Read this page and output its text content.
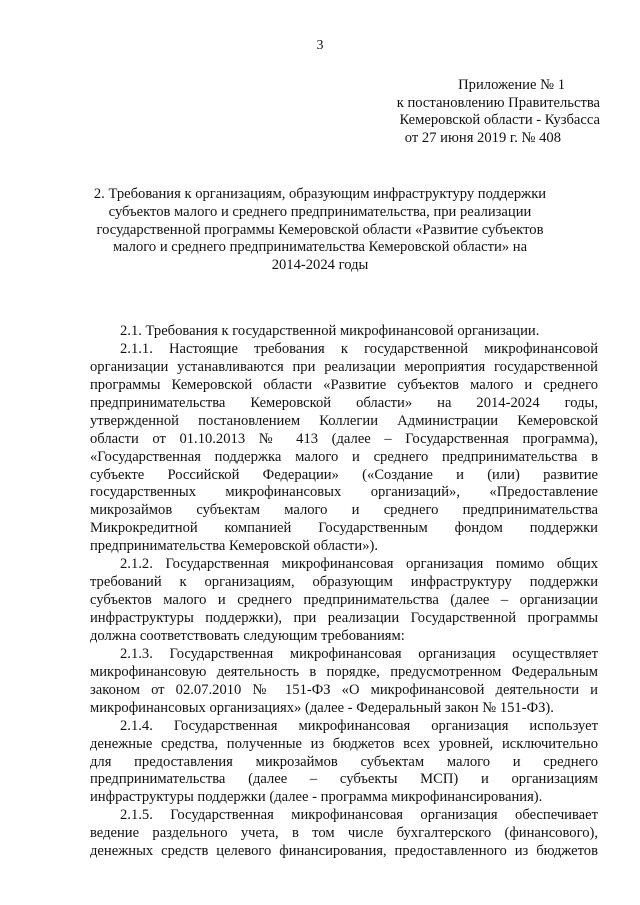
3
Приложение № 1
к постановлению Правительства
Кемеровской области - Кузбасса
от 27 июня 2019 г. № 408
2. Требования к организациям, образующим инфраструктуру поддержки
субъектов малого и среднего предпринимательства, при реализации
государственной программы Кемеровской области «Развитие субъектов
малого и среднего предпринимательства Кемеровской области» на
2014-2024 годы
2.1. Требования к государственной микрофинансовой организации.
2.1.1. Настоящие требования к государственной микрофинансовой
организации устанавливаются при реализации мероприятия государственной
программы Кемеровской области «Развитие субъектов малого и среднего
предпринимательства Кемеровской области» на 2014-2024 годы,
утвержденной постановлением Коллегии Администрации Кемеровской
области от 01.10.2013 № 413 (далее – Государственная программа),
«Государственная поддержка малого и среднего предпринимательства в
субъекте Российской Федерации» («Создание и (или) развитие
государственных микрофинансовых организаций», «Предоставление
микрозаймов субъектам малого и среднего предпринимательства
Микрокредитной компанией Государственным фондом поддержки
предпринимательства Кемеровской области»).
2.1.2. Государственная микрофинансовая организация помимо общих
требований к организациям, образующим инфраструктуру поддержки
субъектов малого и среднего предпринимательства (далее – организации
инфраструктуры поддержки), при реализации Государственной программы
должна соответствовать следующим требованиям:
2.1.3. Государственная микрофинансовая организация осуществляет
микрофинансовую деятельность в порядке, предусмотренном Федеральным
законом от 02.07.2010 № 151-ФЗ «О микрофинансовой деятельности и
микрофинансовых организациях» (далее - Федеральный закон № 151-ФЗ).
2.1.4. Государственная микрофинансовая организация использует
денежные средства, полученные из бюджетов всех уровней, исключительно
для предоставления микрозаймов субъектам малого и среднего
предпринимательства (далее – субъекты МСП) и организациям
инфраструктуры поддержки (далее - программа микрофинансирования).
2.1.5. Государственная микрофинансовая организация обеспечивает
ведение раздельного учета, в том числе бухгалтерского (финансового),
денежных средств целевого финансирования, предоставленного из бюджетов
